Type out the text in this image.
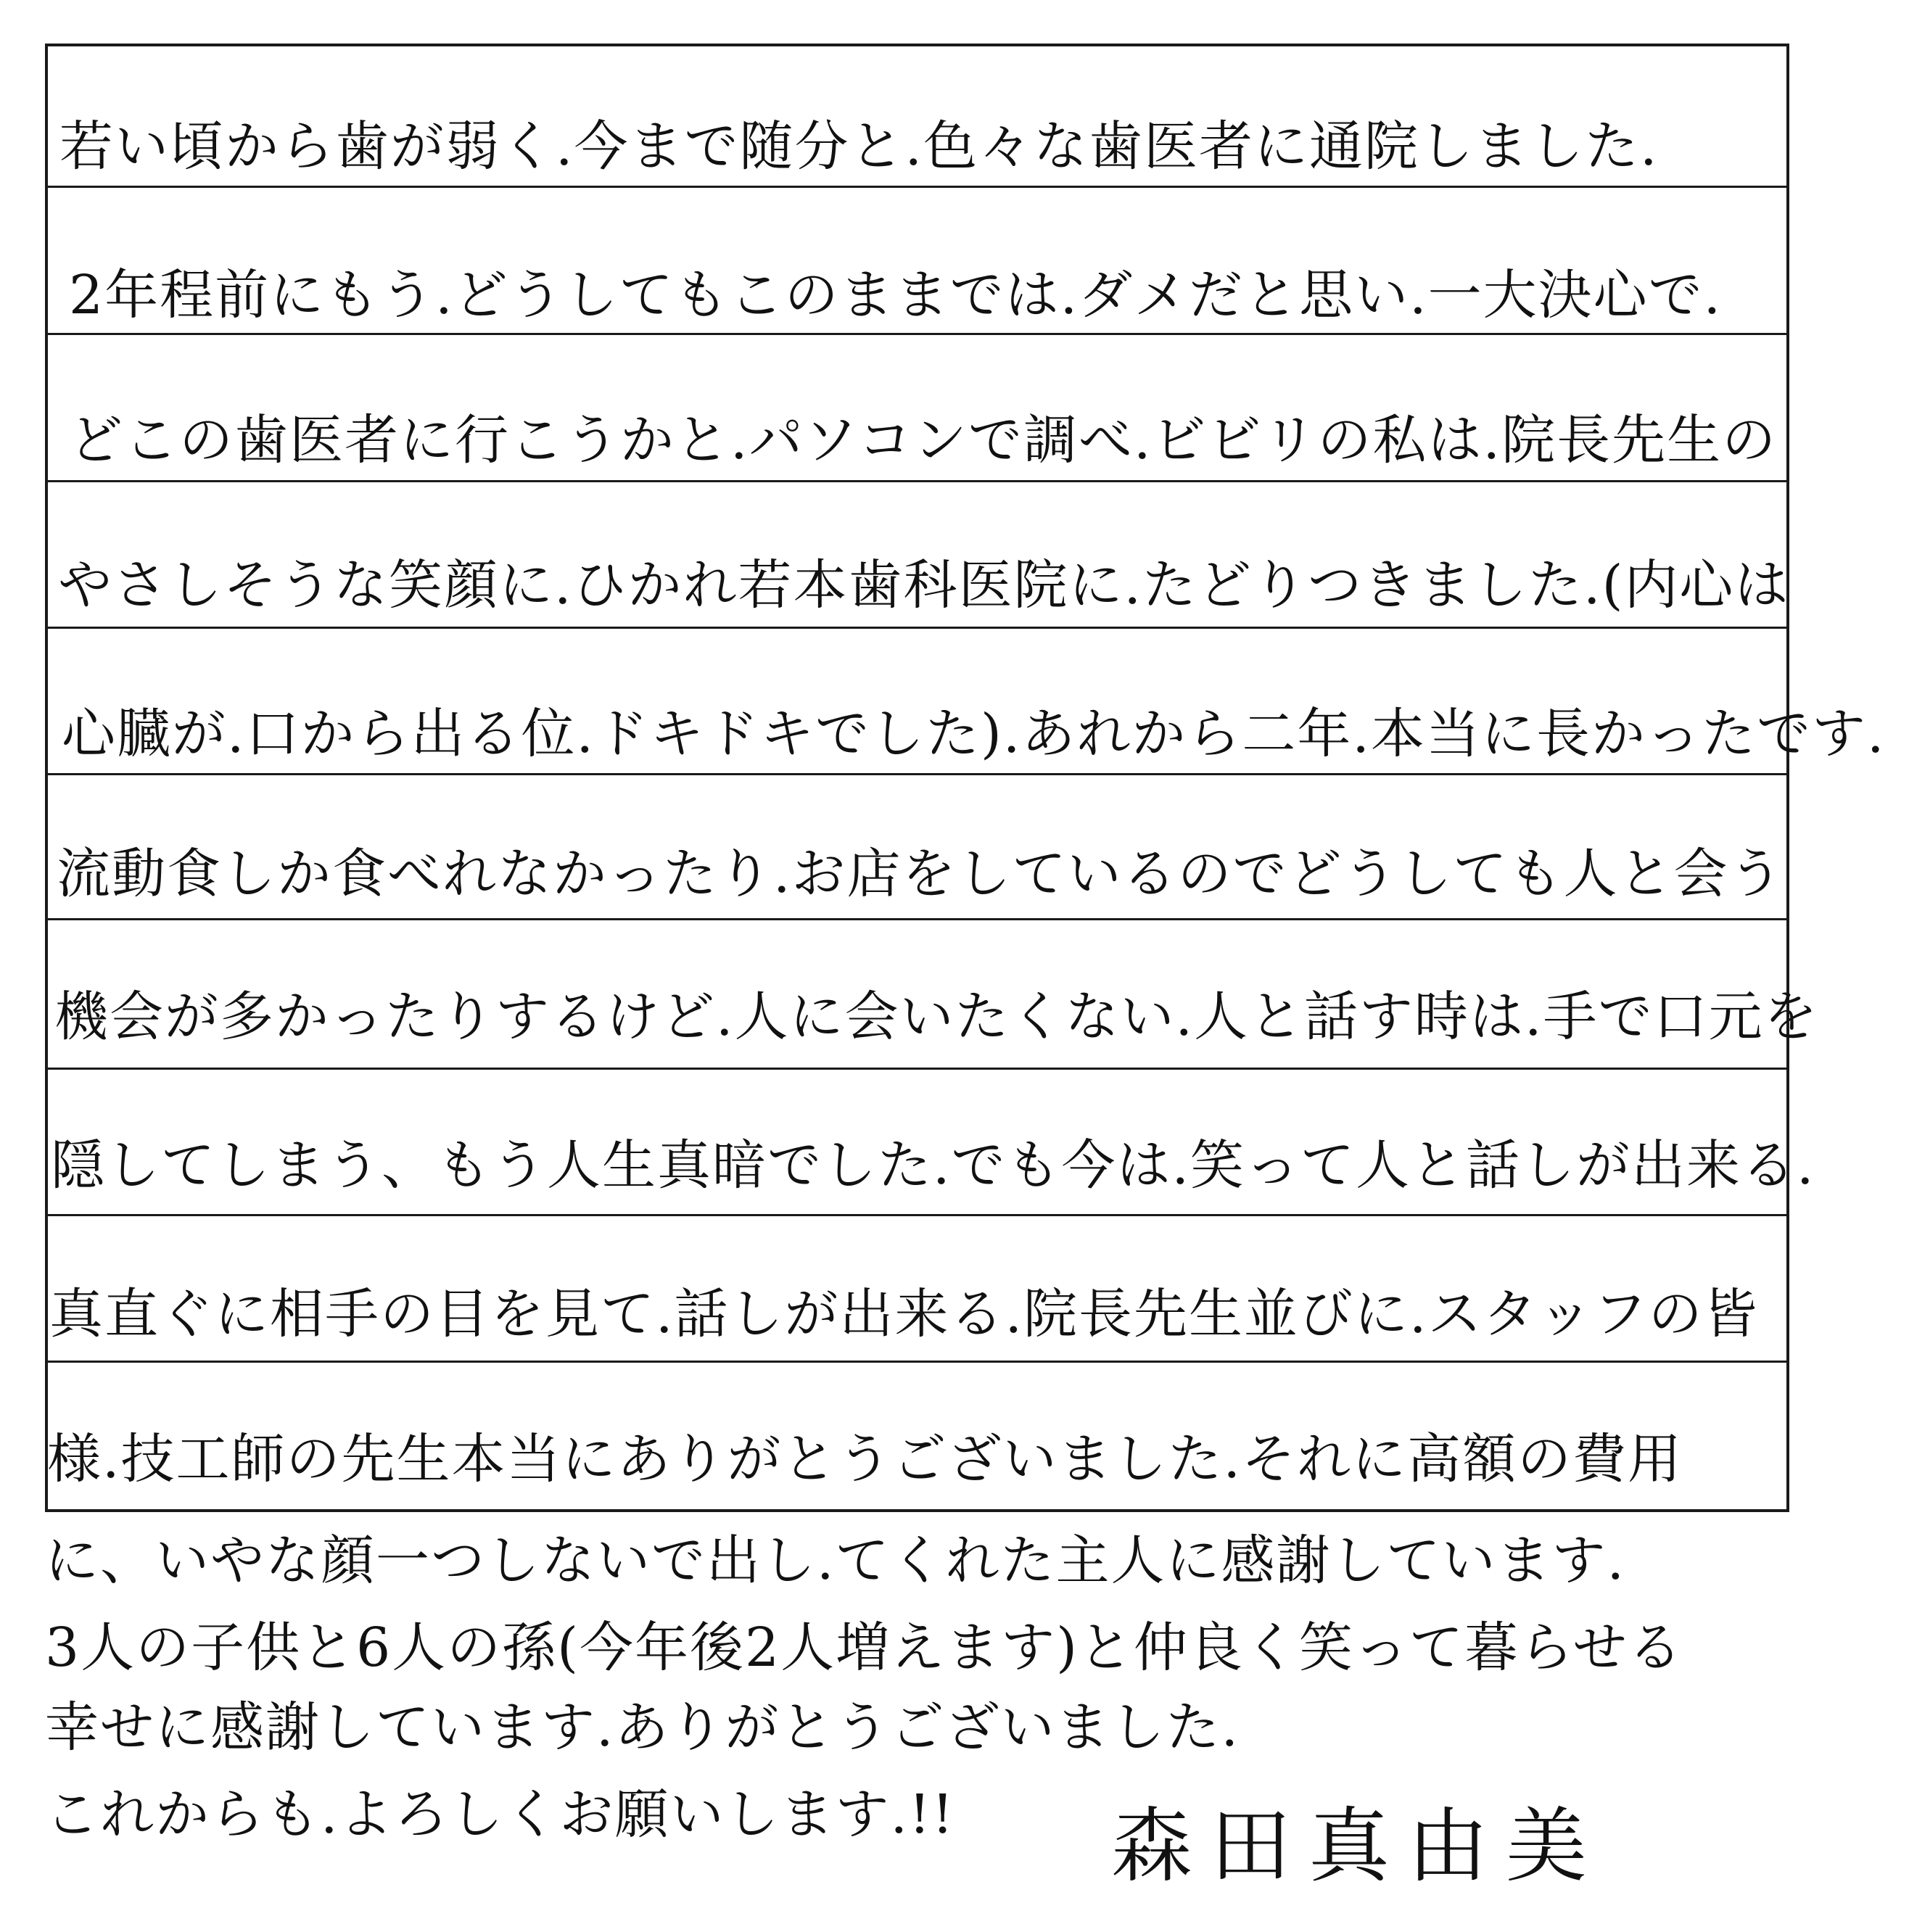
若い頃から歯が弱く.今まで随分と.色々な歯医者に通院しました.
2年程前にもう.どうしてもこのままでは.ダメだと思い.一大決心で.
どこの歯医者に行こうかと.パソコンで調べ.ビビリの私は.院長先生の
やさしそうな笑顔に.ひかれ若本歯科医院に.たどりつきました.(内心は
心臓が.口から出る位.ドキドキでした).あれから二年.本当に長かったです.
流動食しか食べれなかったり.お店をしているのでどうしても人と会う
機会が多かったりするけど.人に会いたくない.人と話す時は.手で口元を
隠してしまう、もう人生真暗でした.でも今は.笑って人と話しが出来る.
真直ぐに相手の目を見て.話しが出来る.院長先生並びに.スタッフの皆
様.技工師の先生本当にありがとうございました.それに高額の費用
に、いやな顔一つしないで出し.てくれた主人に感謝しています.
3人の子供と6人の孫(今年後2人増えます)と仲良く笑って暮らせる
幸せに感謝しています.ありがとうございました.
これからも.よろしくお願いします.!! 森田真由美
